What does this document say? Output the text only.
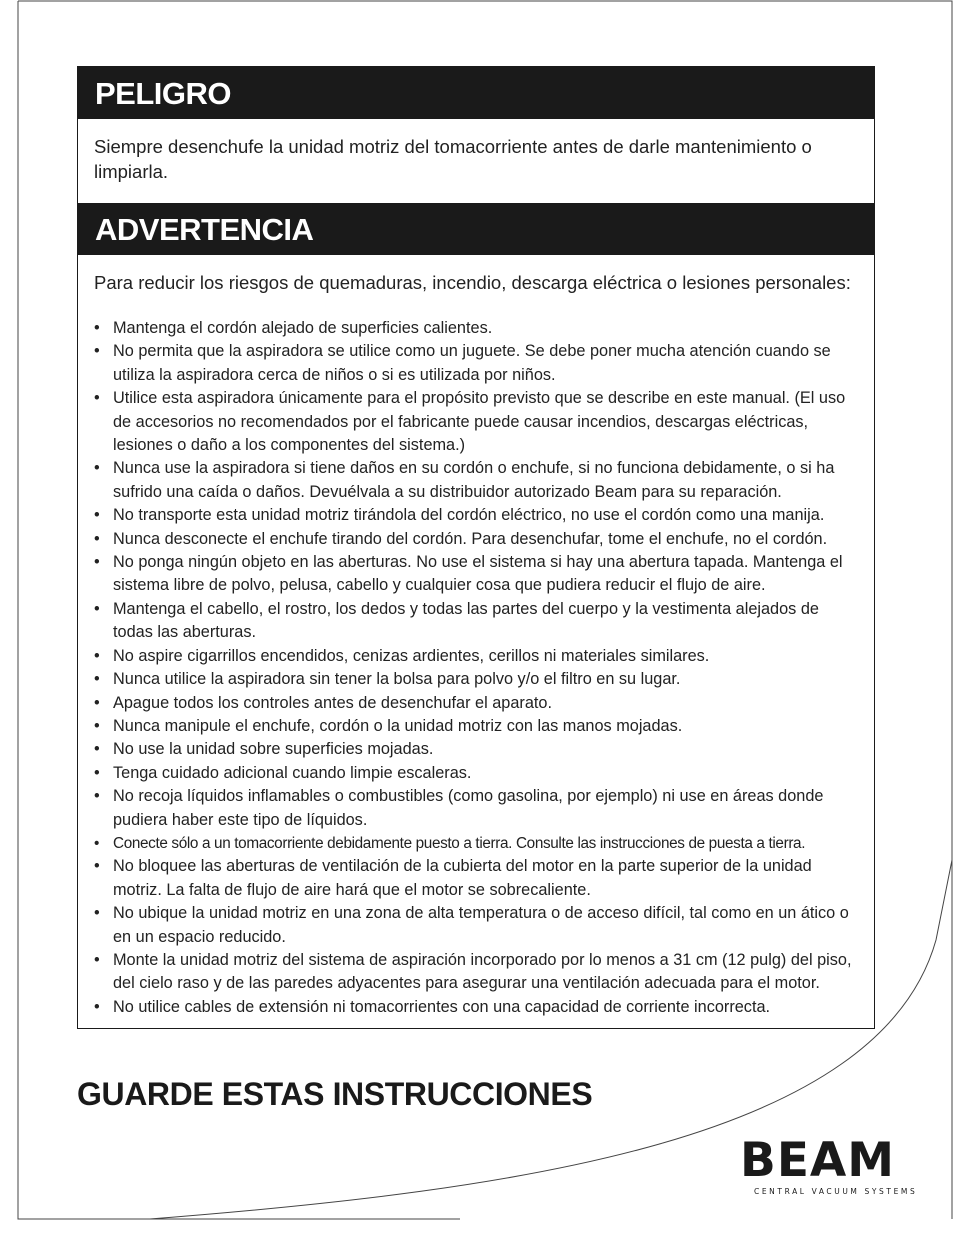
PELIGRO
Siempre desenchufe la unidad motriz del tomacorriente antes de darle mantenimiento o limpiarla.
ADVERTENCIA
Para reducir los riesgos de quemaduras, incendio, descarga eléctrica o lesiones personales:
• Mantenga el cordón alejado de superficies calientes.
• No permita que la aspiradora se utilice como un juguete. Se debe poner mucha atención cuando se utiliza la aspiradora cerca de niños o si es utilizada por niños.
• Utilice esta aspiradora únicamente para el propósito previsto que se describe en este manual. (El uso de accesorios no recomendados por el fabricante puede causar incendios, descargas eléctricas, lesiones o daño a los componentes del sistema.)
• Nunca use la aspiradora si tiene daños en su cordón o enchufe, si no funciona debidamente, o si ha sufrido una caída o daños. Devuélvala a su distribuidor autorizado Beam para su reparación.
• No transporte esta unidad motriz tirándola del cordón eléctrico, no use el cordón como una manija.
• Nunca desconecte el enchufe tirando del cordón. Para desenchufar, tome el enchufe, no el cordón.
• No ponga ningún objeto en las aberturas. No use el sistema si hay una abertura tapada. Mantenga el sistema libre de polvo, pelusa, cabello y cualquier cosa que pudiera reducir el flujo de aire.
• Mantenga el cabello, el rostro, los dedos y todas las partes del cuerpo y la vestimenta alejados de todas las aberturas.
• No aspire cigarrillos encendidos, cenizas ardientes, cerillos ni materiales similares.
• Nunca utilice la aspiradora sin tener la bolsa para polvo y/o el filtro en su lugar.
• Apague todos los controles antes de desenchufar el aparato.
• Nunca manipule el enchufe, cordón o la unidad motriz con las manos mojadas.
• No use la unidad sobre superficies mojadas.
• Tenga cuidado adicional cuando limpie escaleras.
• No recoja líquidos inflamables o combustibles (como gasolina, por ejemplo) ni use en áreas donde pudiera haber este tipo de líquidos.
• Conecte sólo a un tomacorriente debidamente puesto a tierra. Consulte las instrucciones de puesta a tierra.
• No bloquee las aberturas de ventilación de la cubierta del motor en la parte superior de la unidad motriz. La falta de flujo de aire hará que el motor se sobrecaliente.
• No ubique la unidad motriz en una zona de alta temperatura o de acceso difícil, tal como en un ático o en un espacio reducido.
• Monte la unidad motriz del sistema de aspiración incorporado por lo menos a 31 cm (12 pulg) del piso, del cielo raso y de las paredes adyacentes para asegurar una ventilación adecuada para el motor.
• No utilice cables de extensión ni tomacorrientes con una capacidad de corriente incorrecta.
GUARDE ESTAS INSTRUCCIONES
BEAM
CENTRAL VACUUM SYSTEMS
